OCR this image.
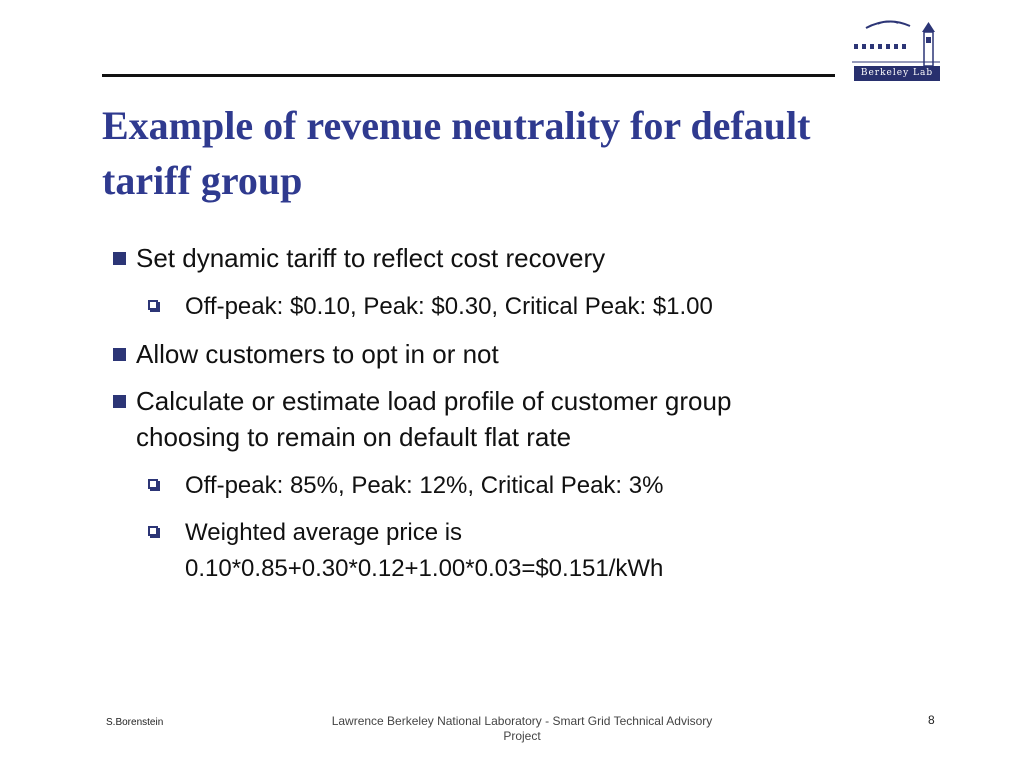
Berkeley Lab
Example of revenue neutrality for default
tariff group
Set dynamic tariff to reflect cost recovery
Off-peak: $0.10, Peak: $0.30, Critical Peak: $1.00
Allow customers to opt in or not
Calculate or estimate load profile of customer group
choosing to remain on default flat rate
Off-peak: 85%, Peak: 12%, Critical Peak: 3%
Weighted average price is
0.10*0.85+0.30*0.12+1.00*0.03=$0.151/kWh
S.Borenstein	Lawrence Berkeley National Laboratory - Smart Grid Technical Advisory
Project
8
